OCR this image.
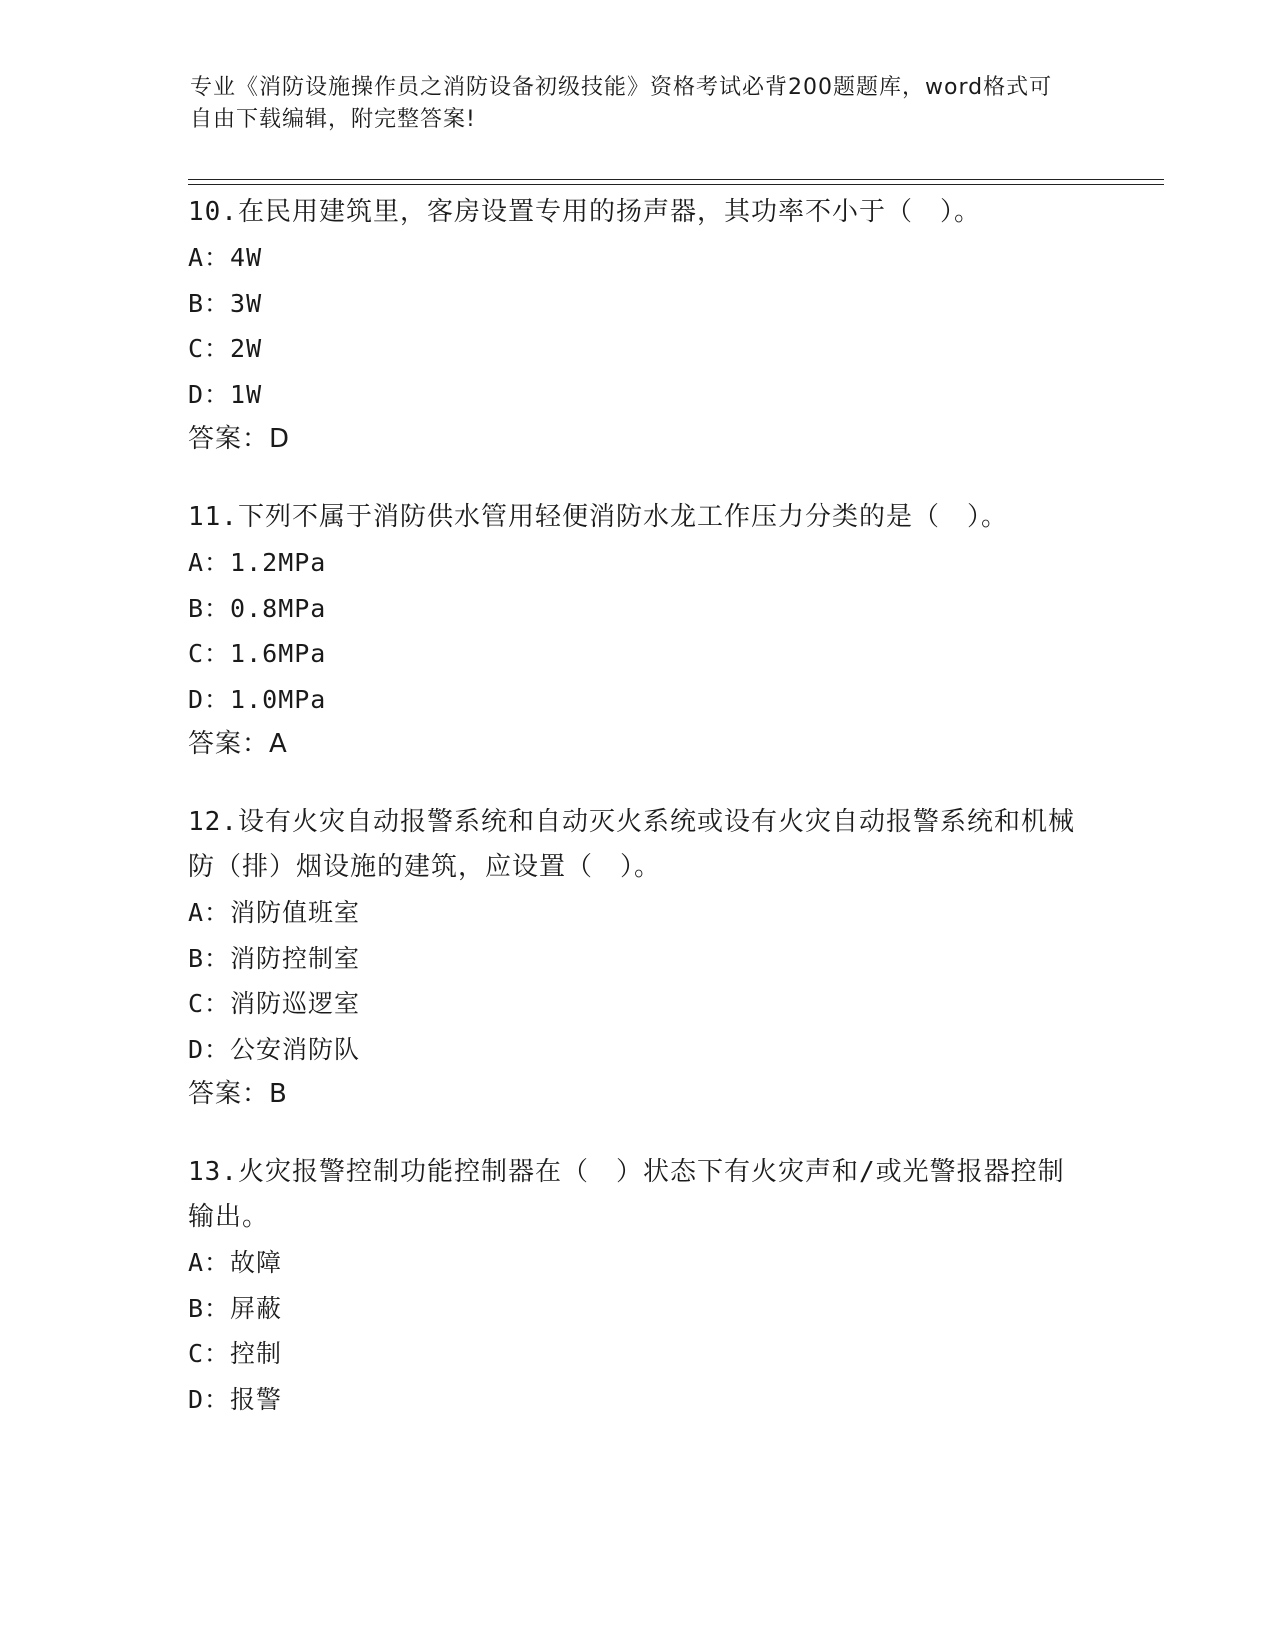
专业《消防设施操作员之消防设备初级技能》资格考试必背200题题库，word格式可自由下载编辑，附完整答案!
10.在民用建筑里，客房设置专用的扬声器，其功率不小于（　）。
A：4W
B：3W
C：2W
D：1W
答案：D
11.下列不属于消防供水管用轻便消防水龙工作压力分类的是（　）。
A：1.2MPa
B：0.8MPa
C：1.6MPa
D：1.0MPa
答案：A
12.设有火灾自动报警系统和自动灭火系统或设有火灾自动报警系统和机械防（排）烟设施的建筑，应设置（　）。
A：消防值班室
B：消防控制室
C：消防巡逻室
D：公安消防队
答案：B
13.火灾报警控制功能控制器在（　）状态下有火灾声和/或光警报器控制输出。
A：故障
B：屏蔽
C：控制
D：报警
